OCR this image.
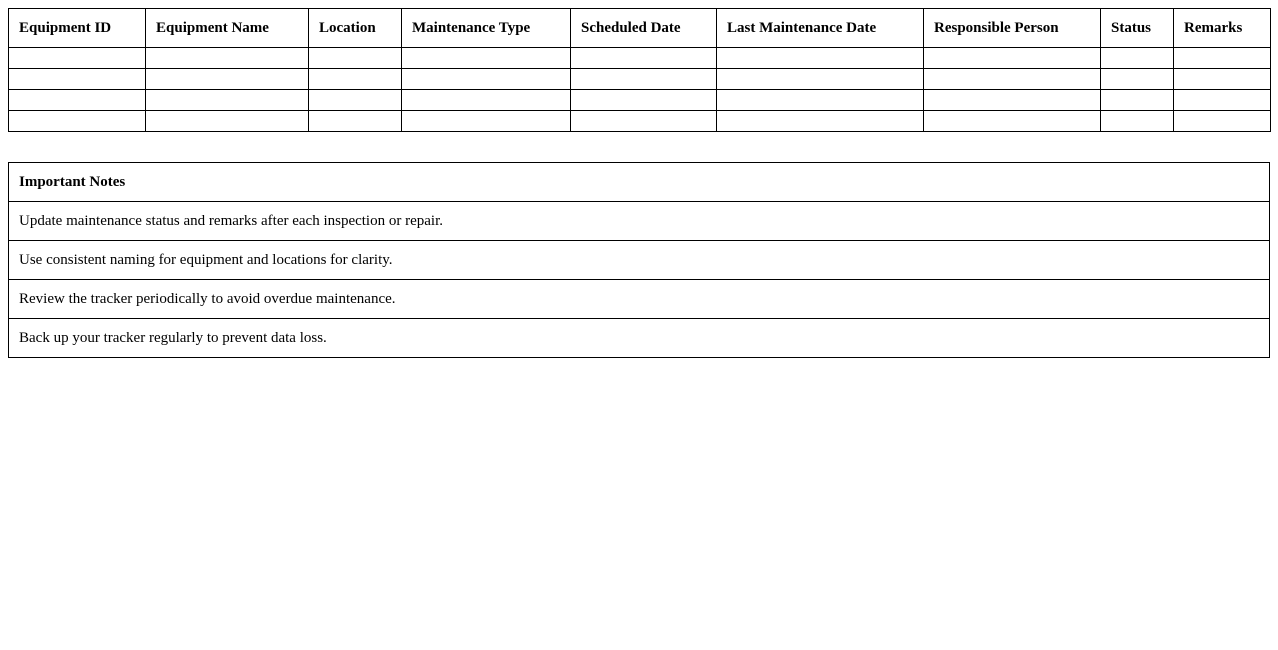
Equipment ID	Equipment Name	Location	Maintenance Type	Scheduled Date	Last Maintenance Date	Responsible Person	Status	Remarks

Important Notes
Update maintenance status and remarks after each inspection or repair.
Use consistent naming for equipment and locations for clarity.
Review the tracker periodically to avoid overdue maintenance.
Back up your tracker regularly to prevent data loss.
